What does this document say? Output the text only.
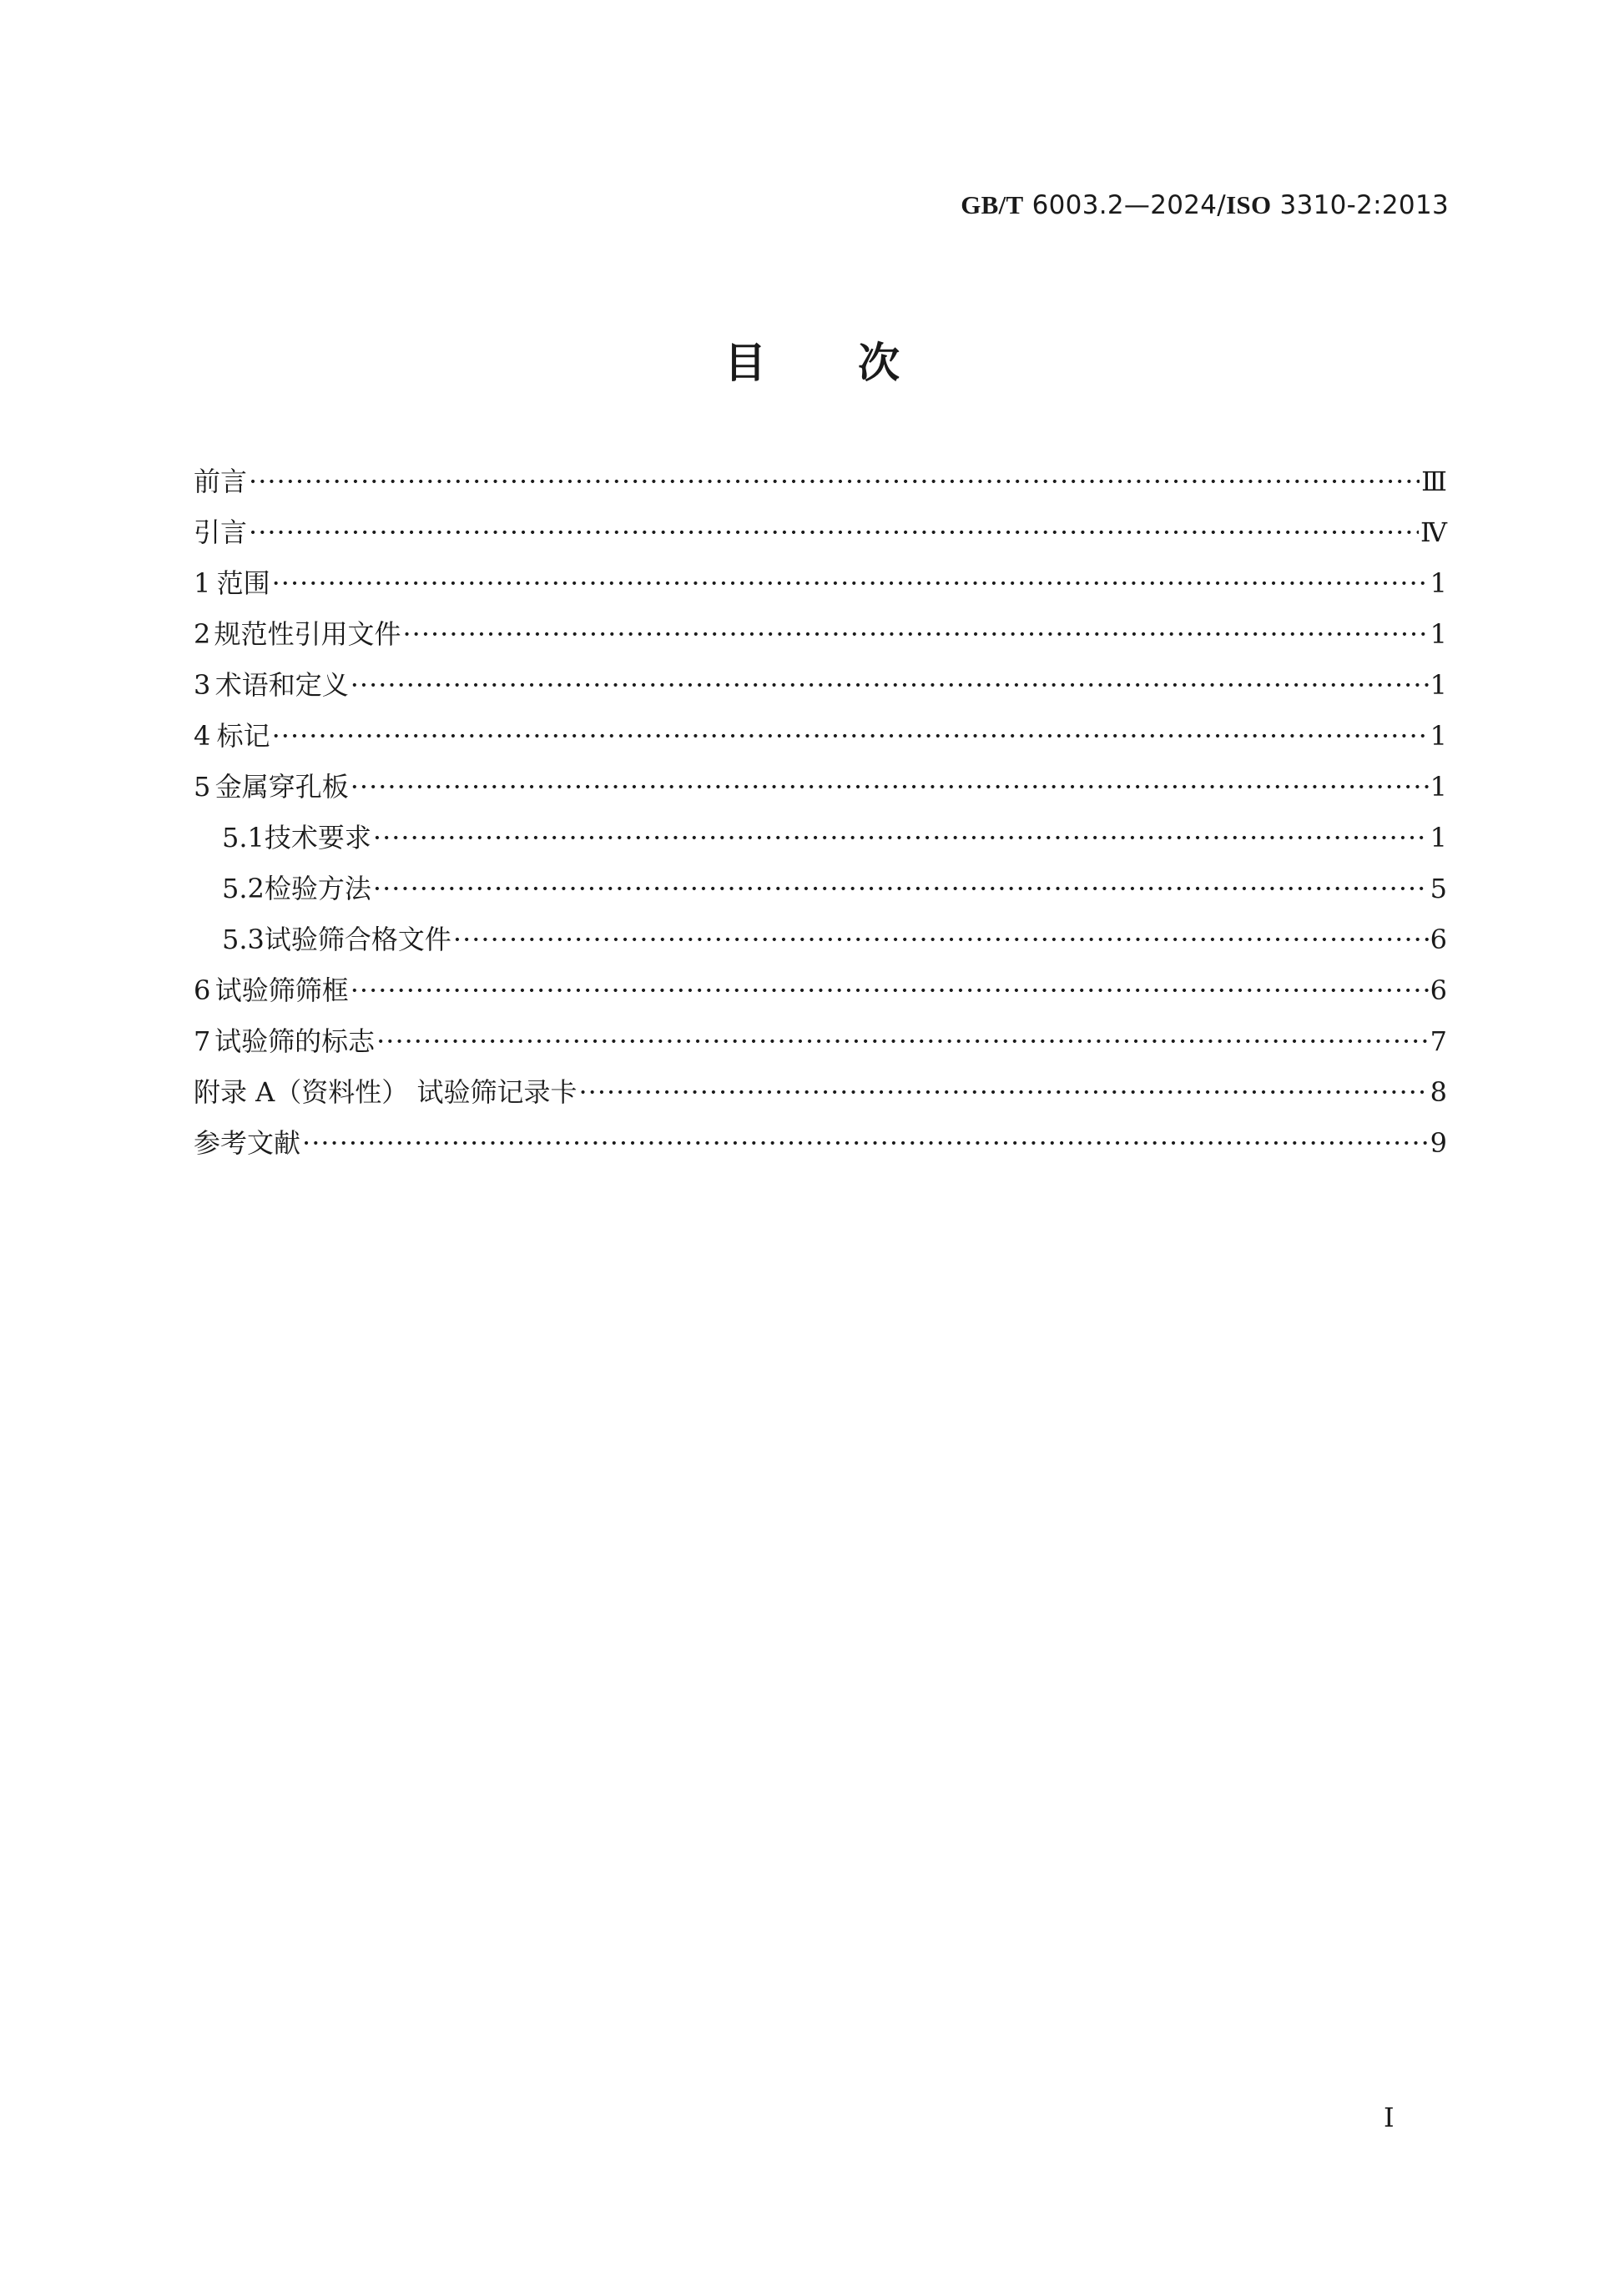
GB/T 6003.2—2024/ISO 3310-2:2013
目 次
前言 ·····	Ⅲ
引言 ·····	Ⅳ
1 范围 ·····	1
2 规范性引用文件 ·····	1
3 术语和定义 ·····	1
4 标记 ·····	1
5 金属穿孔板 ·····	1
5.1 技术要求 ·····	1
5.2 检验方法 ·····	5
5.3 试验筛合格文件 ·····	6
6 试验筛筛框 ·····	6
7 试验筛的标志 ·····	7
附录 A（资料性） 试验筛记录卡 ·····	8
参考文献 ·····	9
Ⅰ
